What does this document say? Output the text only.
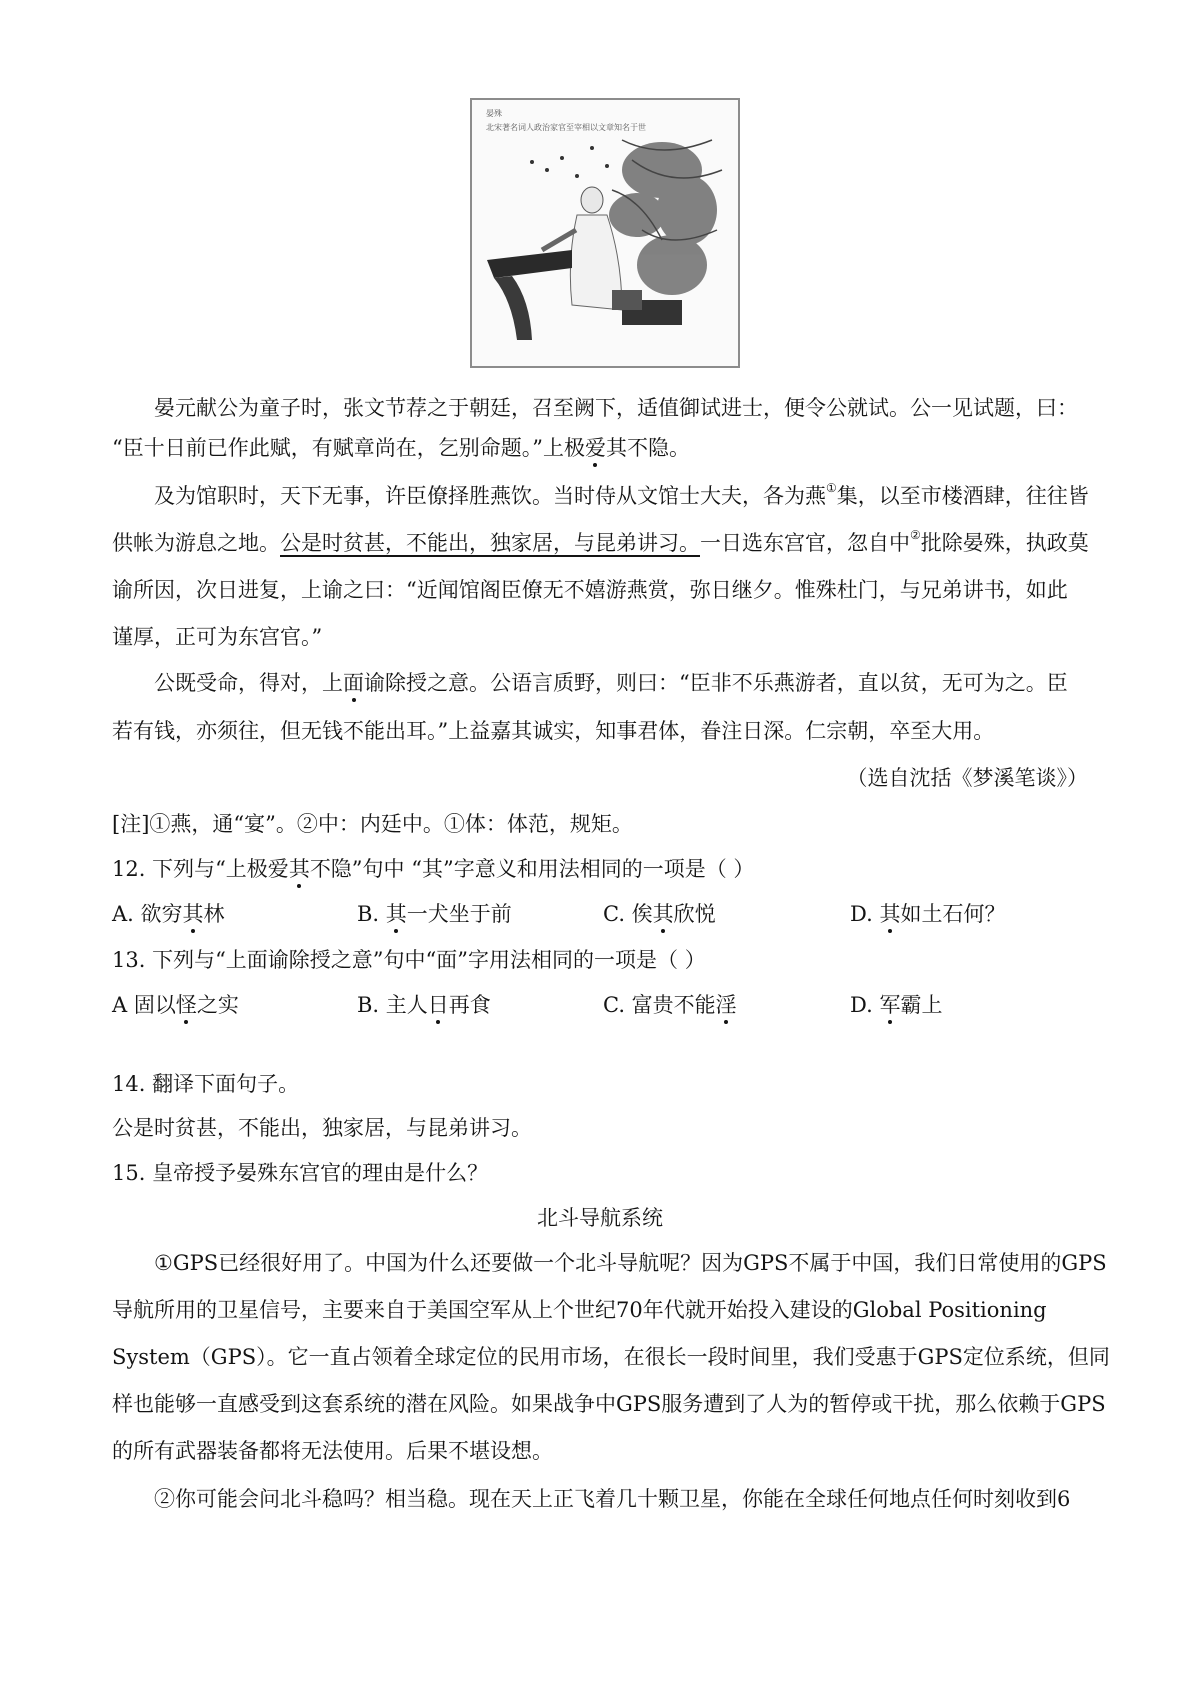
晏殊
北宋著名词人政治家官至宰相以文章知名于世
晏元献公为童子时，张文节荐之于朝廷，召至阙下，适值御试进士，便令公就试。公一见试题，曰：
“臣十日前已作此赋，有赋章尚在，乞别命题。”上极爱其不隐。
及为馆职时，天下无事，许臣僚择胜燕饮。当时侍从文馆士大夫，各为燕①集，以至市楼酒肆，往往皆
供帐为游息之地。公是时贫甚，不能出，独家居，与昆弟讲习。一日选东宫官，忽自中②批除晏殊，执政莫
谕所因，次日进复，上谕之曰：“近闻馆阁臣僚无不嬉游燕赏，弥日继夕。惟殊杜门，与兄弟讲书，如此
谨厚，正可为东宫官。”
公既受命，得对，上面谕除授之意。公语言质野，则曰：“臣非不乐燕游者，直以贫，无可为之。臣
若有钱，亦须往，但无钱不能出耳。”上益嘉其诚实，知事君体，眷注日深。仁宗朝，卒至大用。
（选自沈括《梦溪笔谈》）
[注]①燕，通“宴”。②中：内廷中。①体：体范，规矩。
12. 下列与“上极爱其不隐”句中 “其”字意义和用法相同的一项是（ ）
A. 欲穷其林	B. 其一犬坐于前	C. 俟其欣悦	D. 其如土石何？
13. 下列与“上面谕除授之意”句中“面”字用法相同的一项是（ ）
A 固以怪之实	B. 主人日再食	C. 富贵不能淫	D. 军霸上
14. 翻译下面句子。
公是时贫甚，不能出，独家居，与昆弟讲习。
15. 皇帝授予晏殊东宫官的理由是什么？
北斗导航系统
①GPS已经很好用了。中国为什么还要做一个北斗导航呢？因为GPS不属于中国，我们日常使用的GPS
导航所用的卫星信号，主要来自于美国空军从上个世纪70年代就开始投入建设的Global Positioning
System（GPS）。它一直占领着全球定位的民用市场，在很长一段时间里，我们受惠于GPS定位系统，但同
样也能够一直感受到这套系统的潜在风险。如果战争中GPS服务遭到了人为的暂停或干扰，那么依赖于GPS
的所有武器装备都将无法使用。后果不堪设想。
②你可能会问北斗稳吗？相当稳。现在天上正飞着几十颗卫星，你能在全球任何地点任何时刻收到6
